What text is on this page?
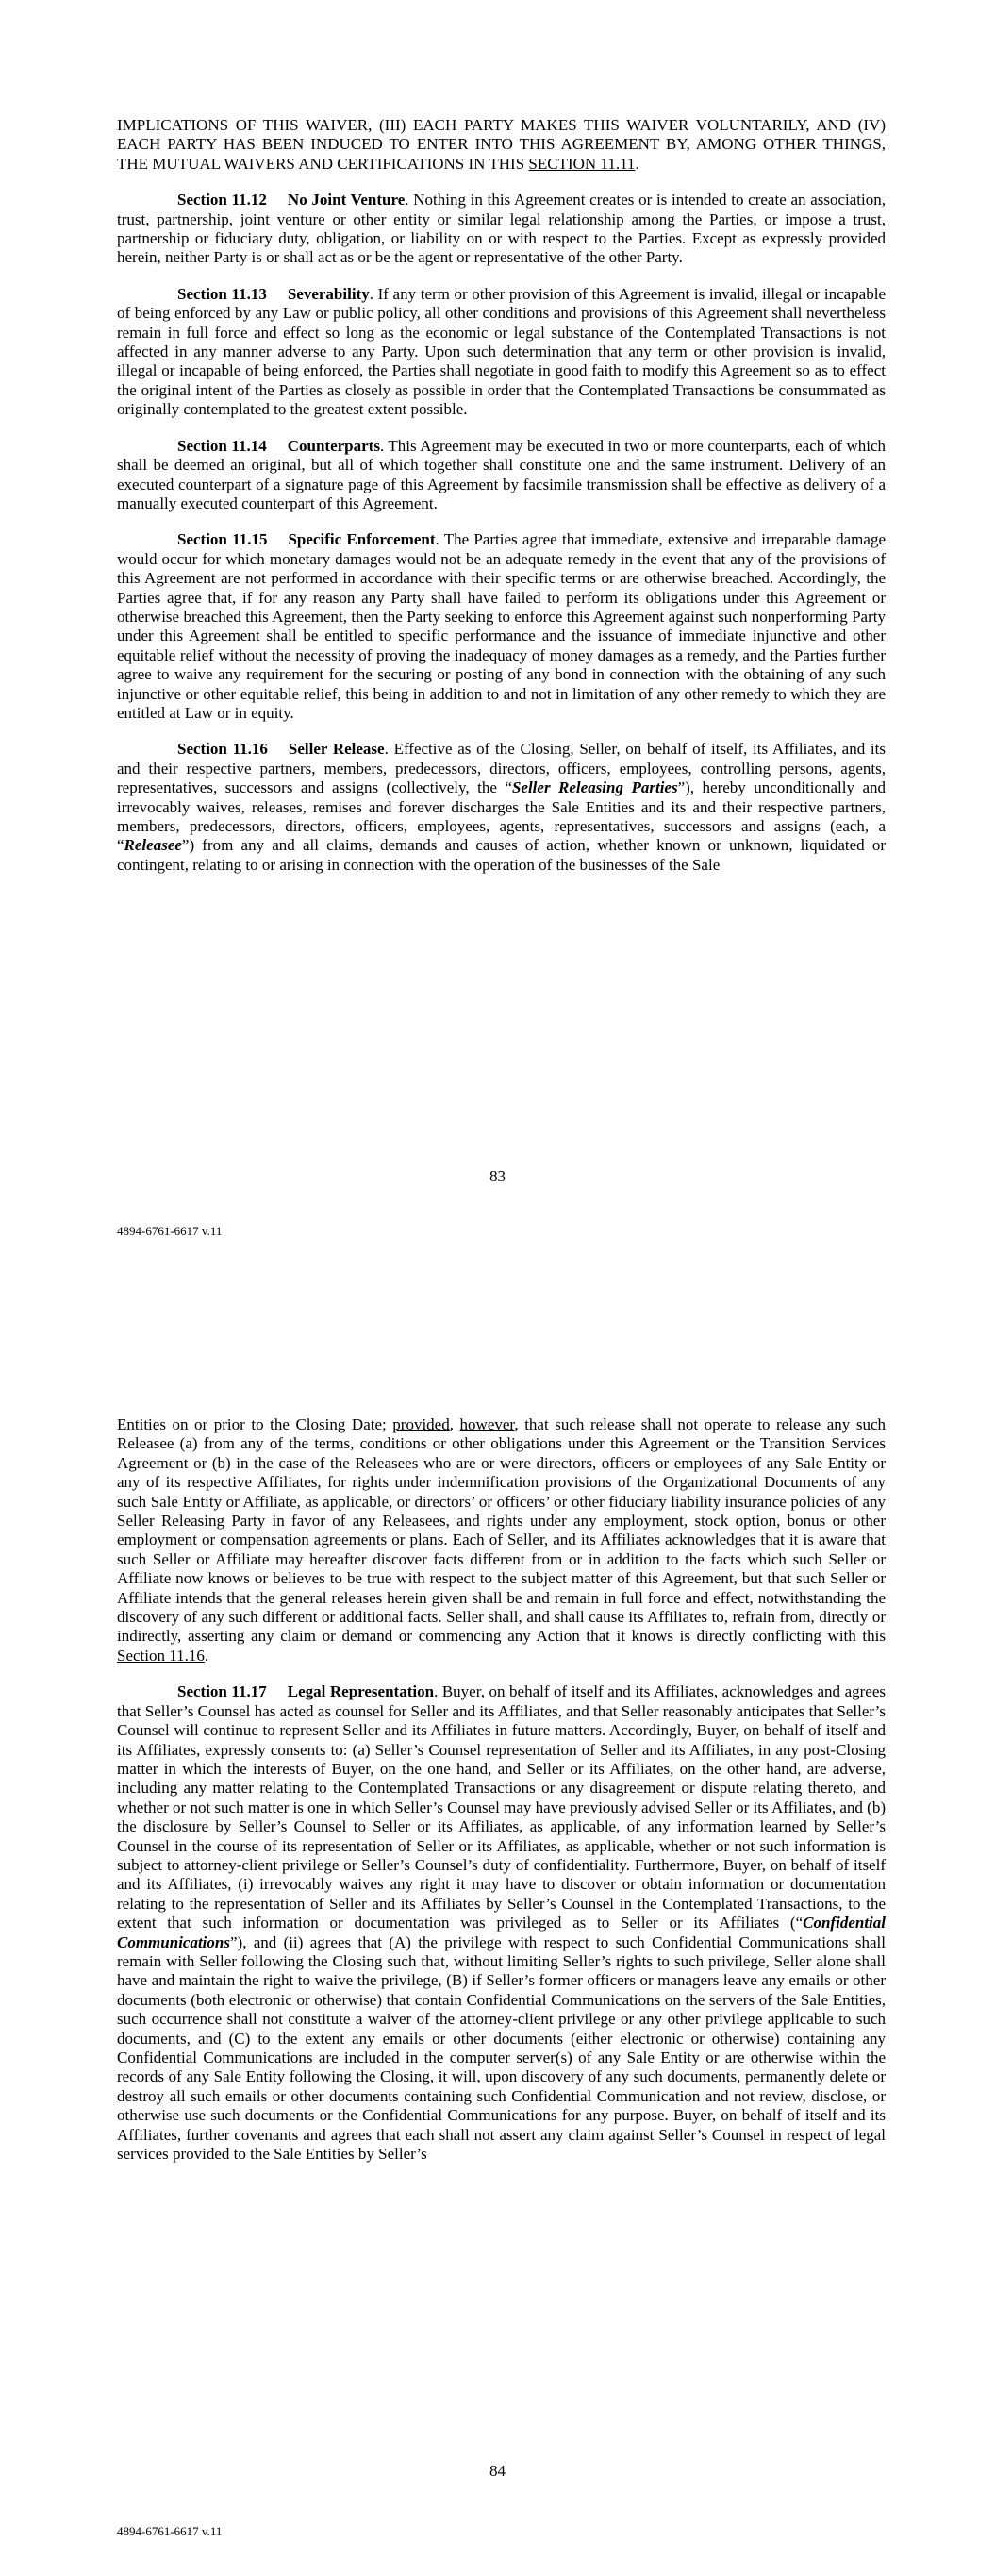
IMPLICATIONS OF THIS WAIVER, (III) EACH PARTY MAKES THIS WAIVER VOLUNTARILY, AND (IV) EACH PARTY HAS BEEN INDUCED TO ENTER INTO THIS AGREEMENT BY, AMONG OTHER THINGS, THE MUTUAL WAIVERS AND CERTIFICATIONS IN THIS SECTION 11.11.

Section 11.12 No Joint Venture. Nothing in this Agreement creates or is intended to create an association, trust, partnership, joint venture or other entity or similar legal relationship among the Parties, or impose a trust, partnership or fiduciary duty, obligation, or liability on or with respect to the Parties. Except as expressly provided herein, neither Party is or shall act as or be the agent or representative of the other Party.

Section 11.13 Severability. If any term or other provision of this Agreement is invalid, illegal or incapable of being enforced by any Law or public policy, all other conditions and provisions of this Agreement shall nevertheless remain in full force and effect so long as the economic or legal substance of the Contemplated Transactions is not affected in any manner adverse to any Party. Upon such determination that any term or other provision is invalid, illegal or incapable of being enforced, the Parties shall negotiate in good faith to modify this Agreement so as to effect the original intent of the Parties as closely as possible in order that the Contemplated Transactions be consummated as originally contemplated to the greatest extent possible.

Section 11.14 Counterparts. This Agreement may be executed in two or more counterparts, each of which shall be deemed an original, but all of which together shall constitute one and the same instrument. Delivery of an executed counterpart of a signature page of this Agreement by facsimile transmission shall be effective as delivery of a manually executed counterpart of this Agreement.

Section 11.15 Specific Enforcement. The Parties agree that immediate, extensive and irreparable damage would occur for which monetary damages would not be an adequate remedy in the event that any of the provisions of this Agreement are not performed in accordance with their specific terms or are otherwise breached. Accordingly, the Parties agree that, if for any reason any Party shall have failed to perform its obligations under this Agreement or otherwise breached this Agreement, then the Party seeking to enforce this Agreement against such nonperforming Party under this Agreement shall be entitled to specific performance and the issuance of immediate injunctive and other equitable relief without the necessity of proving the inadequacy of money damages as a remedy, and the Parties further agree to waive any requirement for the securing or posting of any bond in connection with the obtaining of any such injunctive or other equitable relief, this being in addition to and not in limitation of any other remedy to which they are entitled at Law or in equity.

Section 11.16 Seller Release. Effective as of the Closing, Seller, on behalf of itself, its Affiliates, and its and their respective partners, members, predecessors, directors, officers, employees, controlling persons, agents, representatives, successors and assigns (collectively, the “Seller Releasing Parties”), hereby unconditionally and irrevocably waives, releases, remises and forever discharges the Sale Entities and its and their respective partners, members, predecessors, directors, officers, employees, agents, representatives, successors and assigns (each, a “Releasee”) from any and all claims, demands and causes of action, whether known or unknown, liquidated or contingent, relating to or arising in connection with the operation of the businesses of the Sale

83
4894-6761-6617 v.11

Entities on or prior to the Closing Date; provided, however, that such release shall not operate to release any such Releasee (a) from any of the terms, conditions or other obligations under this Agreement or the Transition Services Agreement or (b) in the case of the Releasees who are or were directors, officers or employees of any Sale Entity or any of its respective Affiliates, for rights under indemnification provisions of the Organizational Documents of any such Sale Entity or Affiliate, as applicable, or directors’ or officers’ or other fiduciary liability insurance policies of any Seller Releasing Party in favor of any Releasees, and rights under any employment, stock option, bonus or other employment or compensation agreements or plans. Each of Seller, and its Affiliates acknowledges that it is aware that such Seller or Affiliate may hereafter discover facts different from or in addition to the facts which such Seller or Affiliate now knows or believes to be true with respect to the subject matter of this Agreement, but that such Seller or Affiliate intends that the general releases herein given shall be and remain in full force and effect, notwithstanding the discovery of any such different or additional facts. Seller shall, and shall cause its Affiliates to, refrain from, directly or indirectly, asserting any claim or demand or commencing any Action that it knows is directly conflicting with this Section 11.16.

Section 11.17 Legal Representation. Buyer, on behalf of itself and its Affiliates, acknowledges and agrees that Seller’s Counsel has acted as counsel for Seller and its Affiliates, and that Seller reasonably anticipates that Seller’s Counsel will continue to represent Seller and its Affiliates in future matters. Accordingly, Buyer, on behalf of itself and its Affiliates, expressly consents to: (a) Seller’s Counsel representation of Seller and its Affiliates, in any post-Closing matter in which the interests of Buyer, on the one hand, and Seller or its Affiliates, on the other hand, are adverse, including any matter relating to the Contemplated Transactions or any disagreement or dispute relating thereto, and whether or not such matter is one in which Seller’s Counsel may have previously advised Seller or its Affiliates, and (b) the disclosure by Seller’s Counsel to Seller or its Affiliates, as applicable, of any information learned by Seller’s Counsel in the course of its representation of Seller or its Affiliates, as applicable, whether or not such information is subject to attorney-client privilege or Seller’s Counsel’s duty of confidentiality. Furthermore, Buyer, on behalf of itself and its Affiliates, (i) irrevocably waives any right it may have to discover or obtain information or documentation relating to the representation of Seller and its Affiliates by Seller’s Counsel in the Contemplated Transactions, to the extent that such information or documentation was privileged as to Seller or its Affiliates (“Confidential Communications”), and (ii) agrees that (A) the privilege with respect to such Confidential Communications shall remain with Seller following the Closing such that, without limiting Seller’s rights to such privilege, Seller alone shall have and maintain the right to waive the privilege, (B) if Seller’s former officers or managers leave any emails or other documents (both electronic or otherwise) that contain Confidential Communications on the servers of the Sale Entities, such occurrence shall not constitute a waiver of the attorney-client privilege or any other privilege applicable to such documents, and (C) to the extent any emails or other documents (either electronic or otherwise) containing any Confidential Communications are included in the computer server(s) of any Sale Entity or are otherwise within the records of any Sale Entity following the Closing, it will, upon discovery of any such documents, permanently delete or destroy all such emails or other documents containing such Confidential Communication and not review, disclose, or otherwise use such documents or the Confidential Communications for any purpose. Buyer, on behalf of itself and its Affiliates, further covenants and agrees that each shall not assert any claim against Seller’s Counsel in respect of legal services provided to the Sale Entities by Seller’s

84
4894-6761-6617 v.11
